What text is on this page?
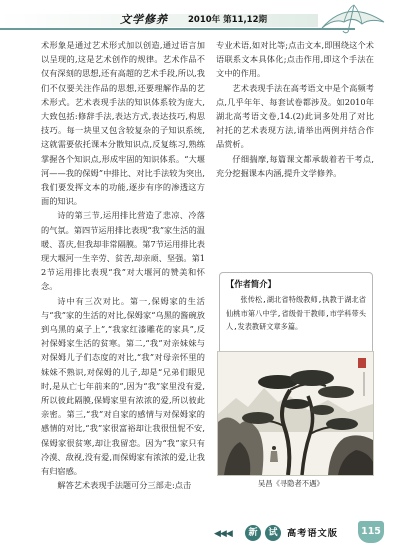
文学修养 2010年 第11,12期

术形象是通过艺术形式加以创造,通过语言加以呈现的,这是艺术创作的规律。艺术作品不仅有深刻的思想,还有高超的艺术手段,所以,我们不仅要关注作品的思想,还要理解作品的艺术形式。艺术表现手法的知识体系较为庞大,大致包括:修辞手法,表达方式,表达技巧,构思技巧。每一块里又包含较复杂的子知识系统,这就需要依托课本分散知识点,反复练习,熟练掌握各个知识点,形成牢固的知识体系。“大堰河——我的保姆”中排比、对比手法较为突出,我们要发挥文本的功能,逐步有序的渗透这方面的知识。

诗的第三节,运用排比营造了悲凉、冷落的气氛。第四节运用排比表现“我”家生活的温暖、喜庆,但我却非常隔膜。第7节运用排比表现大堰河一生辛劳、贫苦,却亲顽、坚强。第12节运用排比表现“我”对大堰河的赞美和怀念。

诗中有三次对比。第一,保姆家的生活与“我”家的生活的对比,保姆家“乌黑的酱碗放到乌黑的桌子上”,“我家红漆雕花的家具”,反衬保姆家生活的贫寒。第二,“我”对亲妹妹与对保姆儿子们态度的对比,“我”对母亲怀里的妹妹不熟识,对保姆的儿子,却是“兄弟们眼见时,是从亡七年前来的”,因为“我”家里没有爱,所以彼此隔膜,保姆家里有浓浓的爱,所以彼此亲密。第三,“我”对自家的感情与对保姆家的感情的对比,“我”家很富裕却让我很忸怩不安,保姆家很贫寒,却让我留恋。因为“我”家只有冷漠、敌视,没有爱,而保姆家有浓浓的爱,让我有归宿感。

解答艺术表现手法题可分三部走:点击

专业术语,如对比等;点击文本,即围绕这个术语联系文本具体化;点击作用,即这个手法在文中的作用。

艺术表现手法在高考语文中是个高频考点,几乎年年、每套试卷都涉及。如2010年湖北高考语文卷,14.(2)此词多处用了对比衬托的艺术表现方法,请举出两例并结合作品赏析。

仔细揣摩,每篇课文都承载着若干考点,充分挖掘课本内涵,提升文学修养。

【作者简介】

张传松,湖北省特级教师,执教于湖北省仙桃市第八中学,省级骨干教师,市学科带头人,发表教研文章多篇。

吴昌《寻隐者不遇》
◀◀◀	新	试	高考语文版	115
